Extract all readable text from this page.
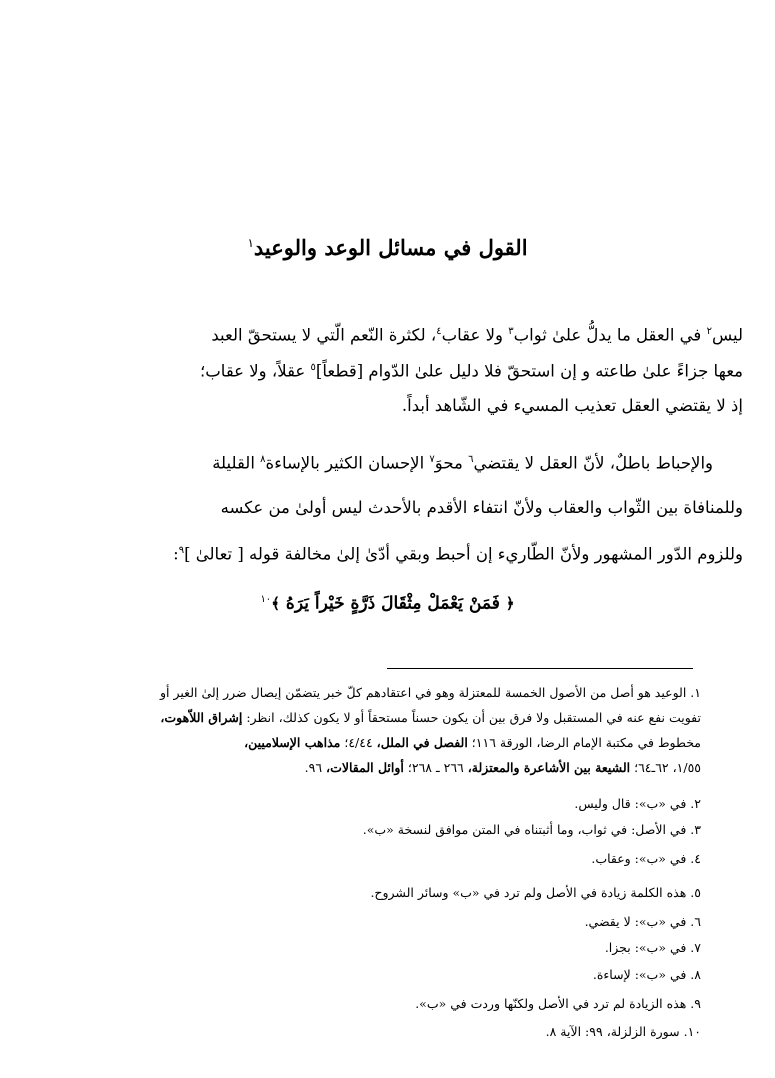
القول في مسائل الوعد والوعيد$^١$
ليس$^٢$ في العقل ما يدلُّ علىٰ ثواب$^٣$ ولا عقاب$^٤$، لكثرة النّعم الّتي لا يستحقّ العبد
معها جزاءً علىٰ طاعته و إن استحقّ فلا دليل علىٰ الدّوام [قطعاً]$^٥$ عقلاً، ولا عقاب؛
إذ لا يقتضي العقل تعذيب المسيء في الشّاهد أبداً.
والإحباط باطلٌ، لأنّ العقل لا يقتضي$^٦$ محوَ$^٧$ الإحسان الكثير بالإساءة$^٨$ القليلة
وللمنافاة بين الثّواب والعقاب ولأنّ انتفاء الأقدم بالأحدث ليس أولىٰ من عكسه
وللزوم الدّور المشهور ولأنّ الطّاريء إن أحبط وبقي أدّىٰ إلىٰ مخالفة قوله [ تعالىٰ ]$^٩$:
﴿ فَمَنْ يَعْمَلْ مِثْقَالَ ذَرَّةٍ خَيْراً يَرَهُ ﴾$^{١٠}$
١. الوعيد هو أصل من الأصول الخمسة للمعتزلة وهو في اعتقادهم كلّ خبر يتضمّن إيصال ضرر إلىٰ الغير أو
تفويت نفع عنه في المستقبل ولا فرق بين أن يكون حسناً مستحقاً أو لا يكون كذلك، انظر: إشراق اللاّهوت،
مخطوط في مكتبة الإمام الرضا، الورقة ١١٦؛ الفصل في الملل، ٤/٤٤؛ مذاهب الإسلاميين،
١/٥٥، ٦٢ـ٦٤؛ الشيعة بين الأشاعرة والمعتزلة، ٢٦٦ ـ ٢٦٨؛ أوائل المقالات، ٩٦.
٢. في «ب»: قال وليس.
٣. في الأصل: في ثواب، وما أثبتناه في المتن موافق لنسخة «ب».
٤. في «ب»: وعقاب.
٥. هذه الكلمة زيادة في الأصل ولم ترد في «ب» وسائر الشروح.
٦. في «ب»: لا يقضي.
٧. في «ب»: بجزا.
٨. في «ب»: لإساءة.
٩. هذه الزيادة لم ترد في الأصل ولكنّها وردت في «ب».
١٠. سورة الزلزلة، ٩٩: الآية ٨.
